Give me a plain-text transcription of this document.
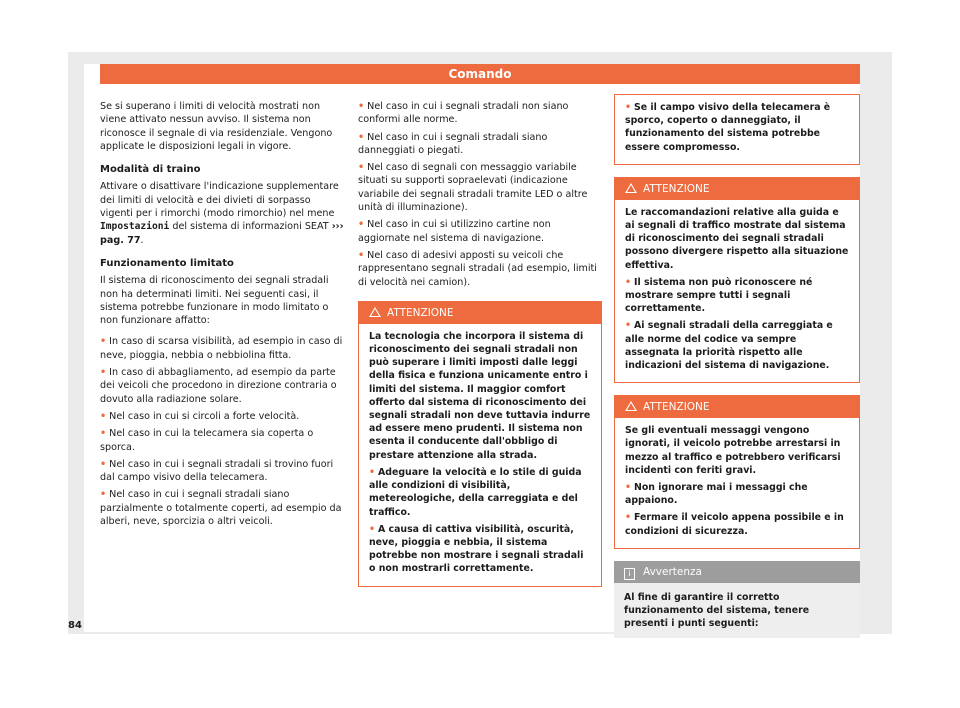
Comando

Se si superano i limiti di velocità mostrati non viene attivato nessun avviso. Il sistema non riconosce il segnale di via residenziale. Vengono applicate le disposizioni legali in vigore.

Modalità di traino

Attivare o disattivare l'indicazione supplementare dei limiti di velocità e dei divieti di sorpasso vigenti per i rimorchi (modo rimorchio) nel mene Impostazioni del sistema di informazioni SEAT ››› pag. 77.

Funzionamento limitato

Il sistema di riconoscimento dei segnali stradali non ha determinati limiti. Nei seguenti casi, il sistema potrebbe funzionare in modo limitato o non funzionare affatto:

• In caso di scarsa visibilità, ad esempio in caso di neve, pioggia, nebbia o nebbiolina fitta.
• In caso di abbagliamento, ad esempio da parte dei veicoli che procedono in direzione contraria o dovuto alla radiazione solare.
• Nel caso in cui si circoli a forte velocità.
• Nel caso in cui la telecamera sia coperta o sporca.
• Nel caso in cui i segnali stradali si trovino fuori dal campo visivo della telecamera.
• Nel caso in cui i segnali stradali siano parzialmente o totalmente coperti, ad esempio da alberi, neve, sporcizia o altri veicoli.
• Nel caso in cui i segnali stradali non siano conformi alle norme.
• Nel caso in cui i segnali stradali siano danneggiati o piegati.
• Nel caso di segnali con messaggio variabile situati su supporti sopraelevati (indicazione variabile dei segnali stradali tramite LED o altre unità di illuminazione).
• Nel caso in cui si utilizzino cartine non aggiornate nel sistema di navigazione.
• Nel caso di adesivi apposti su veicoli che rappresentano segnali stradali (ad esempio, limiti di velocità nei camion).
ATTENZIONE

La tecnologia che incorpora il sistema di riconoscimento dei segnali stradali non può superare i limiti imposti dalle leggi della fisica e funziona unicamente entro i limiti del sistema. Il maggior comfort offerto dal sistema di riconoscimento dei segnali stradali non deve tuttavia indurre ad essere meno prudenti. Il sistema non esenta il conducente dall'obbligo di prestare attenzione alla strada.

• Adeguare la velocità e lo stile di guida alle condizioni di visibilità, metereologiche, della carreggiata e del traffico.

• A causa di cattiva visibilità, oscurità, neve, pioggia e nebbia, il sistema potrebbe non mostrare i segnali stradali o non mostrarli correttamente.

• Se il campo visivo della telecamera è sporco, coperto o danneggiato, il funzionamento del sistema potrebbe essere compromesso.

ATTENZIONE

Le raccomandazioni relative alla guida e ai segnali di traffico mostrate dal sistema di riconoscimento dei segnali stradali possono divergere rispetto alla situazione effettiva.

• Il sistema non può riconoscere né mostrare sempre tutti i segnali correttamente.

• Ai segnali stradali della carreggiata e alle norme del codice va sempre assegnata la priorità rispetto alle indicazioni del sistema di navigazione.

ATTENZIONE

Se gli eventuali messaggi vengono ignorati, il veicolo potrebbe arrestarsi in mezzo al traffico e potrebbero verificarsi incidenti con feriti gravi.

• Non ignorare mai i messaggi che appaiono.

• Fermare il veicolo appena possibile e in condizioni di sicurezza.

i Avvertenza
Al fine di garantire il corretto funzionamento del sistema, tenere presenti i punti seguenti:
84
